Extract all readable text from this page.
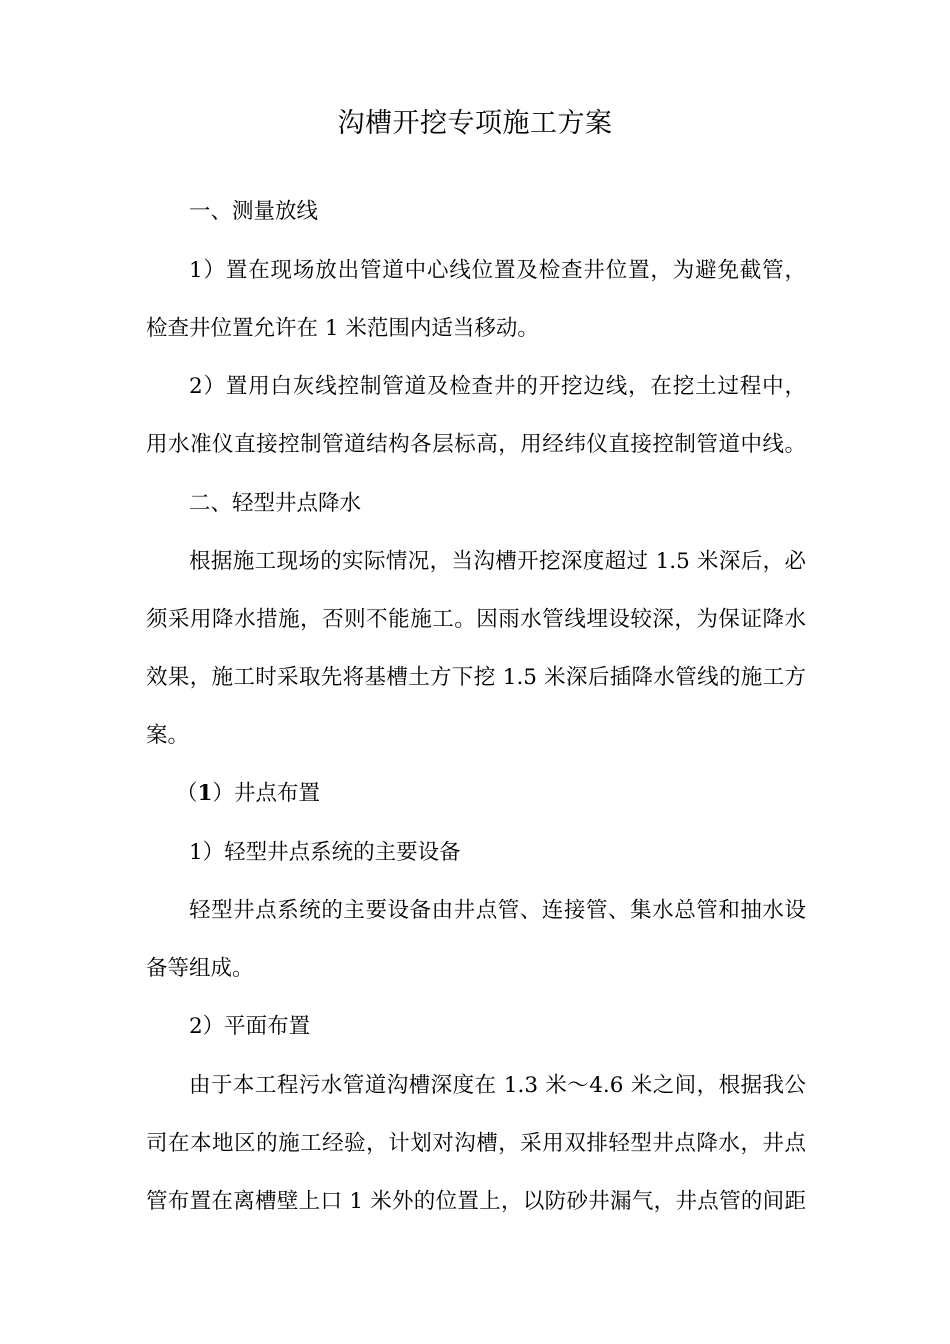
沟槽开挖专项施工方案

一、测量放线

1）置在现场放出管道中心线位置及检查井位置，为避免截管，

检查井位置允许在 1 米范围内适当移动。

2）置用白灰线控制管道及检查井的开挖边线，在挖土过程中，

用水准仪直接控制管道结构各层标高，用经纬仪直接控制管道中线。

二、轻型井点降水

根据施工现场的实际情况，当沟槽开挖深度超过 1.5 米深后，必

须采用降水措施，否则不能施工。因雨水管线埋设较深，为保证降水

效果，施工时采取先将基槽土方下挖 1.5 米深后插降水管线的施工方

案。

（1）井点布置

1）轻型井点系统的主要设备

轻型井点系统的主要设备由井点管、连接管、集水总管和抽水设

备等组成。

2）平面布置

由于本工程污水管道沟槽深度在 1.3 米～4.6 米之间，根据我公

司在本地区的施工经验，计划对沟槽，采用双排轻型井点降水，井点

管布置在离槽壁上口 1 米外的位置上，以防砂井漏气，井点管的间距
